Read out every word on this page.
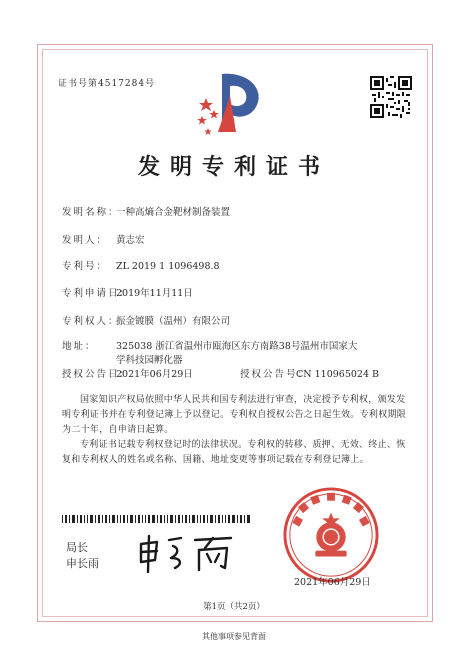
证书号第4517284号
发明专利证书
发明名称：一种高熵合金靶材制备装置
发明人： 黄志宏
专利号： ZL 2019 1 1096498.8
专利申请日：2019年11月11日
专利权人：振金镀膜（温州）有限公司
地址： 325038 浙江省温州市瓯海区东方南路38号温州市国家大
学科技园孵化器
授权公告日：2021年06月29日	授权公告号：CN 110965024 B
国家知识产权局依照中华人民共和国专利法进行审查，决定授予专利权，颁发发明专利证书并在专利登记簿上予以登记。专利权自授权公告之日起生效。专利权期限为二十年，自申请日起算。
专利证书记载专利权登记时的法律状况。专利权的转移、质押、无效、终止、恢复和专利权人的姓名或名称、国籍、地址变更等事项记载在专利登记簿上。
局长
申长雨
2021年06月29日
第1页（共2页）
其他事项参见背面
